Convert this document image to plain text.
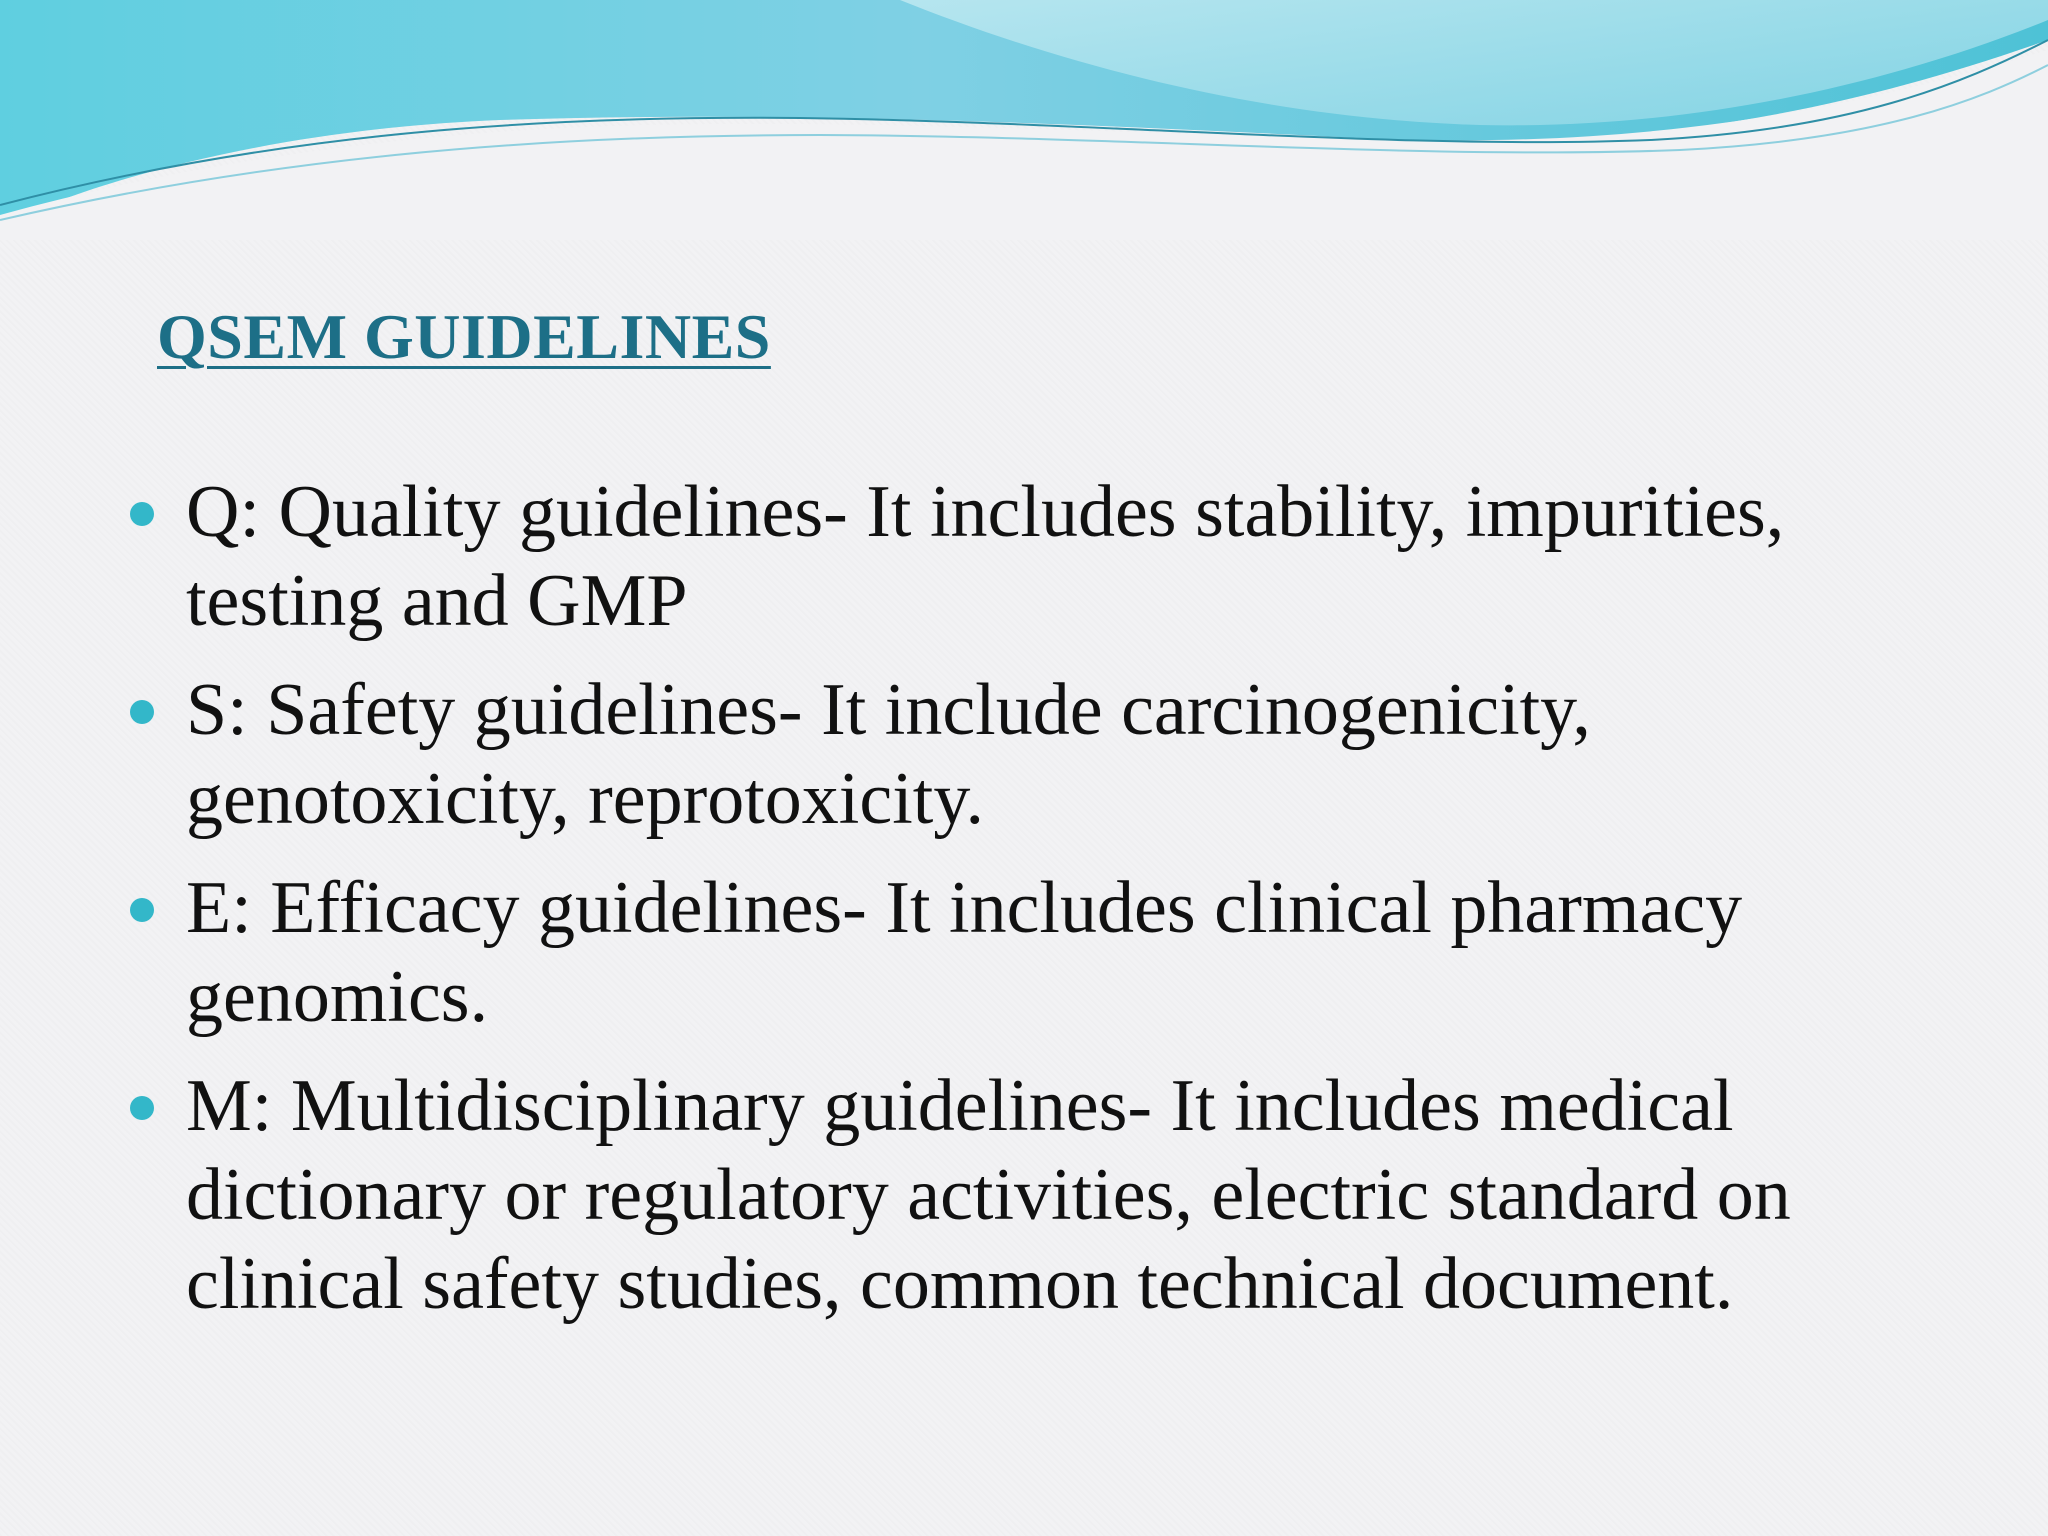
QSEM GUIDELINES
Q: Quality guidelines- It includes stability, impurities, testing and GMP
S: Safety guidelines- It include carcinogenicity, genotoxicity, reprotoxicity.
E: Efficacy guidelines- It includes clinical pharmacy genomics.
M: Multidisciplinary guidelines- It includes medical dictionary or regulatory activities, electric standard on clinical safety studies, common technical document.
